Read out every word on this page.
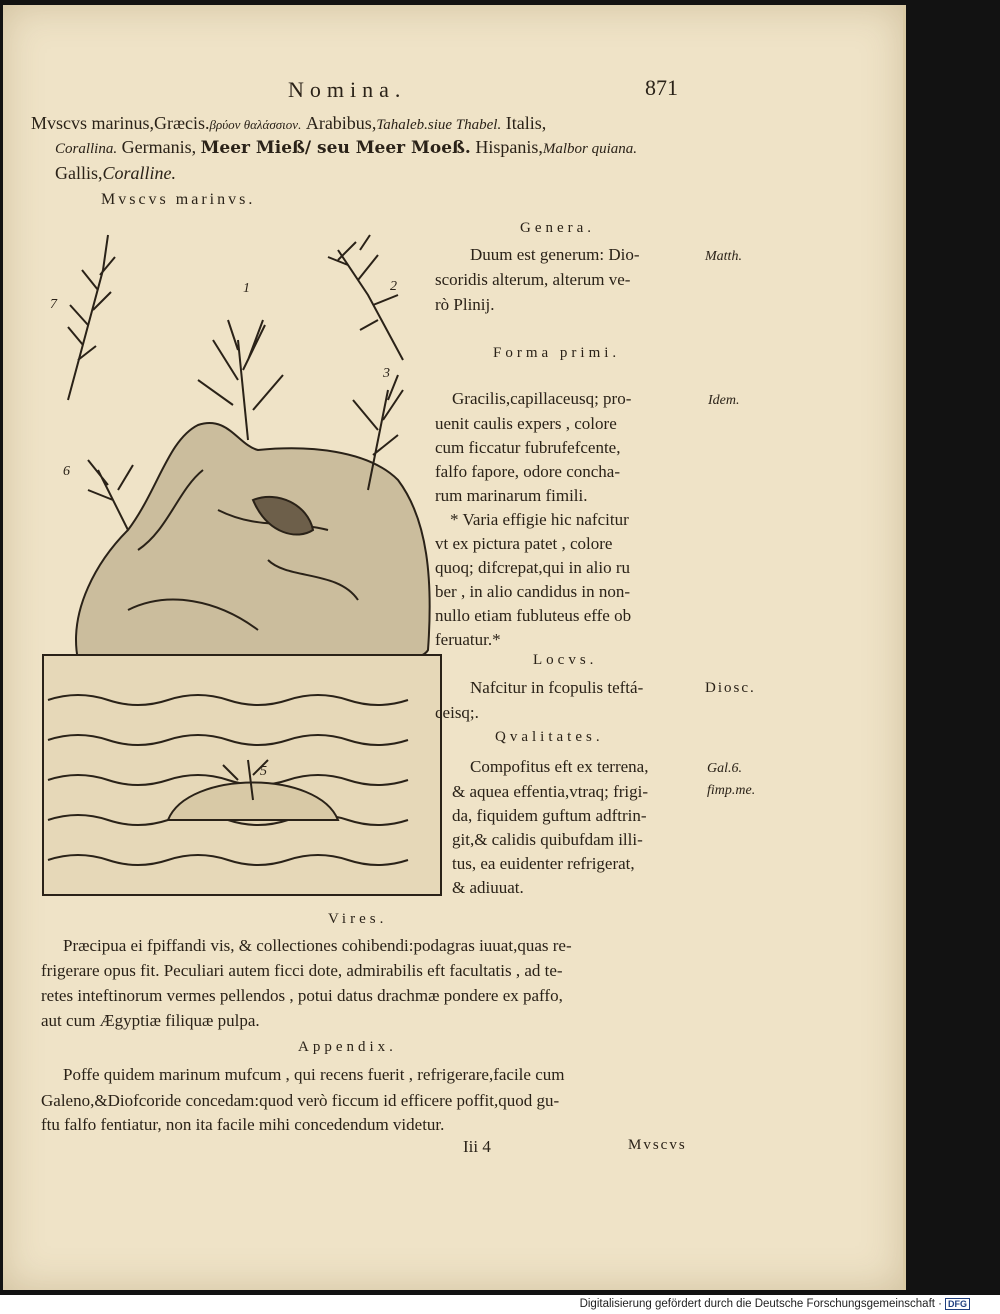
Nomina.	871
Mvscvs marinus,Græcis.βρύον θαλάσσιον. Arabibus,Tahaleb.siue Thabel. Italis,
Corallina. Germanis, Meer Mieß/ seu Meer Moeß. Hispanis,Malbor quiana.
Gallis,Coralline.
Mvscvs marinvs.
1	2
3
5
6
7
Genera.
Duum est generum: Dio-
scoridis alterum, alterum ve-
rò Plinij.
Matth.
Forma primi.
Gracilis,capillaceusq; pro-
uenit caulis expers , colore
cum ficcatur fubrufefcente,
falfo fapore, odore concha-
rum marinarum fimili.
* Varia effigie hic nafcitur
vt ex pictura patet , colore
quoq; difcrepat,qui in alio ru
ber , in alio candidus in non-
nullo etiam fubluteus effe ob
feruatur.*
Idem.
Locvs.
Nafcitur in fcopulis teftá-
ceisq;.
Diosc.
Qvalitates.
Compofitus eft ex terrena,
& aquea effentia,vtraq; frigi-
da, fiquidem guftum adftrin-
git,& calidis quibufdam illi-
tus, ea euidenter refrigerat,
& adiuuat.
Gal.6.
fimp.me.
Vires.
Præcipua ei fpiffandi vis, & collectiones cohibendi:podagras iuuat,quas re-
frigerare opus fit. Peculiari autem ficci dote, admirabilis eft facultatis , ad te-
retes inteftinorum vermes pellendos , potui datus drachmæ pondere ex paffo,
aut cum Ægyptiæ filiquæ pulpa.
Appendix.
Poffe quidem marinum mufcum , qui recens fuerit , refrigerare,facile cum
Galeno,&Diofcoride concedam:quod verò ficcum id efficere poffit,quod gu-
ftu falfo fentiatur, non ita facile mihi concedendum videtur.
Iii 4	Mvscvs
Digitalisierung gefördert durch die Deutsche Forschungsgemeinschaft · DFG
